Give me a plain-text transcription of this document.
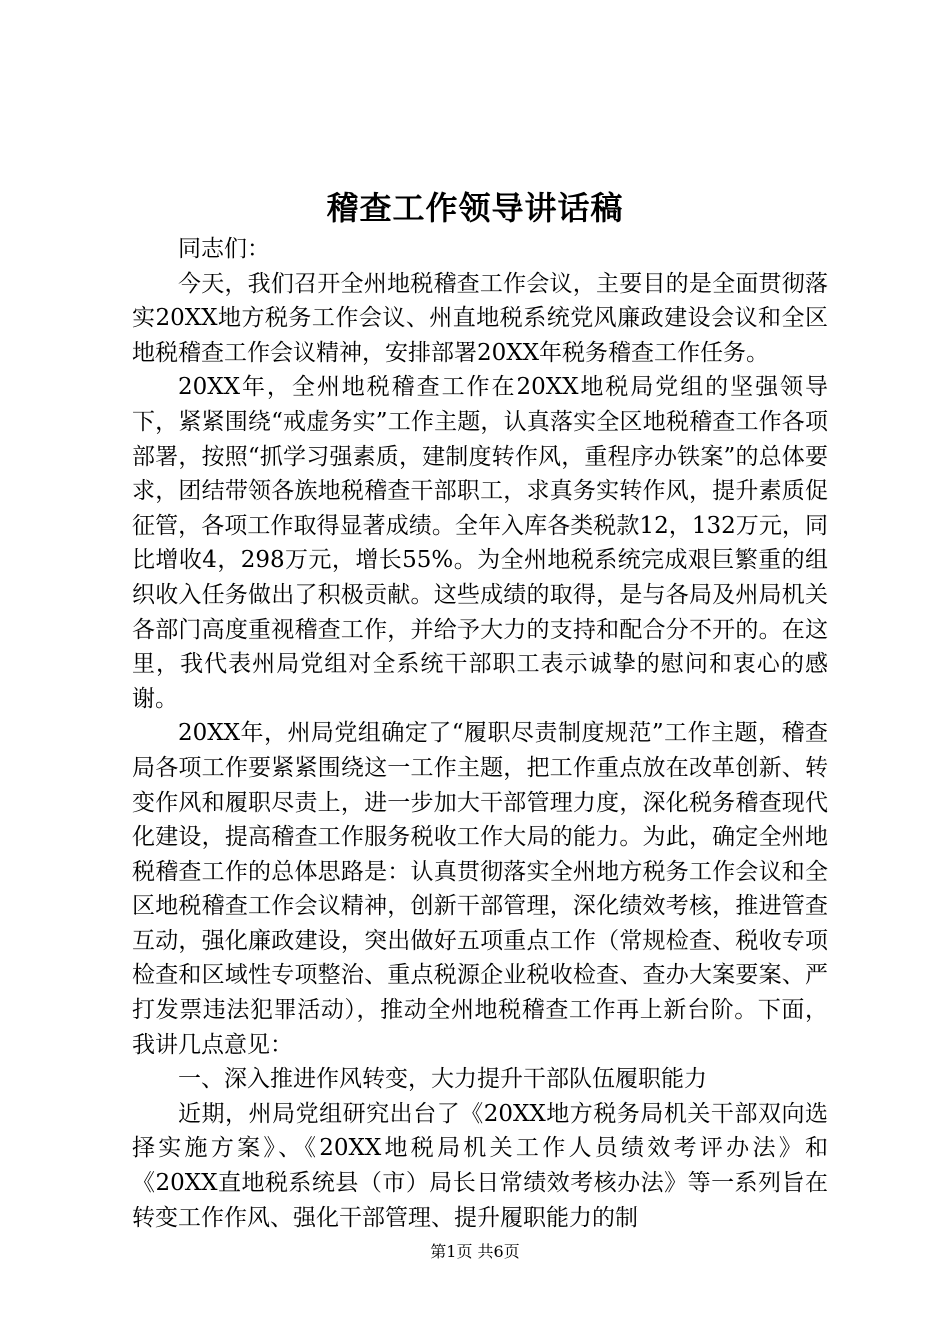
稽查工作领导讲话稿

同志们：

今天，我们召开全州地税稽查工作会议，主要目的是全面贯彻落实20XX地方税务工作会议、州直地税系统党风廉政建设会议和全区地税稽查工作会议精神，安排部署20XX年税务稽查工作任务。

20XX年，全州地税稽查工作在20XX地税局党组的坚强领导下，紧紧围绕“戒虚务实”工作主题，认真落实全区地税稽查工作各项部署，按照“抓学习强素质，建制度转作风，重程序办铁案”的总体要求，团结带领各族地税稽查干部职工，求真务实转作风，提升素质促征管，各项工作取得显著成绩。全年入库各类税款12，132万元，同比增收4，298万元，增长55%。为全州地税系统完成艰巨繁重的组织收入任务做出了积极贡献。这些成绩的取得，是与各局及州局机关各部门高度重视稽查工作，并给予大力的支持和配合分不开的。在这里，我代表州局党组对全系统干部职工表示诚挚的慰问和衷心的感谢。

20XX年，州局党组确定了“履职尽责制度规范”工作主题，稽查局各项工作要紧紧围绕这一工作主题，把工作重点放在改革创新、转变作风和履职尽责上，进一步加大干部管理力度，深化税务稽查现代化建设，提高稽查工作服务税收工作大局的能力。为此，确定全州地税稽查工作的总体思路是：认真贯彻落实全州地方税务工作会议和全区地税稽查工作会议精神，创新干部管理，深化绩效考核，推进管查互动，强化廉政建设，突出做好五项重点工作（常规检查、税收专项检查和区域性专项整治、重点税源企业税收检查、查办大案要案、严打发票违法犯罪活动），推动全州地税稽查工作再上新台阶。下面，我讲几点意见：

一、深入推进作风转变，大力提升干部队伍履职能力

近期，州局党组研究出台了《20XX地方税务局机关干部双向选择实施方案》、《20XX地税局机关工作人员绩效考评办法》和《20XX直地税系统县（市）局长日常绩效考核办法》等一系列旨在转变工作作风、强化干部管理、提升履职能力的制

第1页 共6页
